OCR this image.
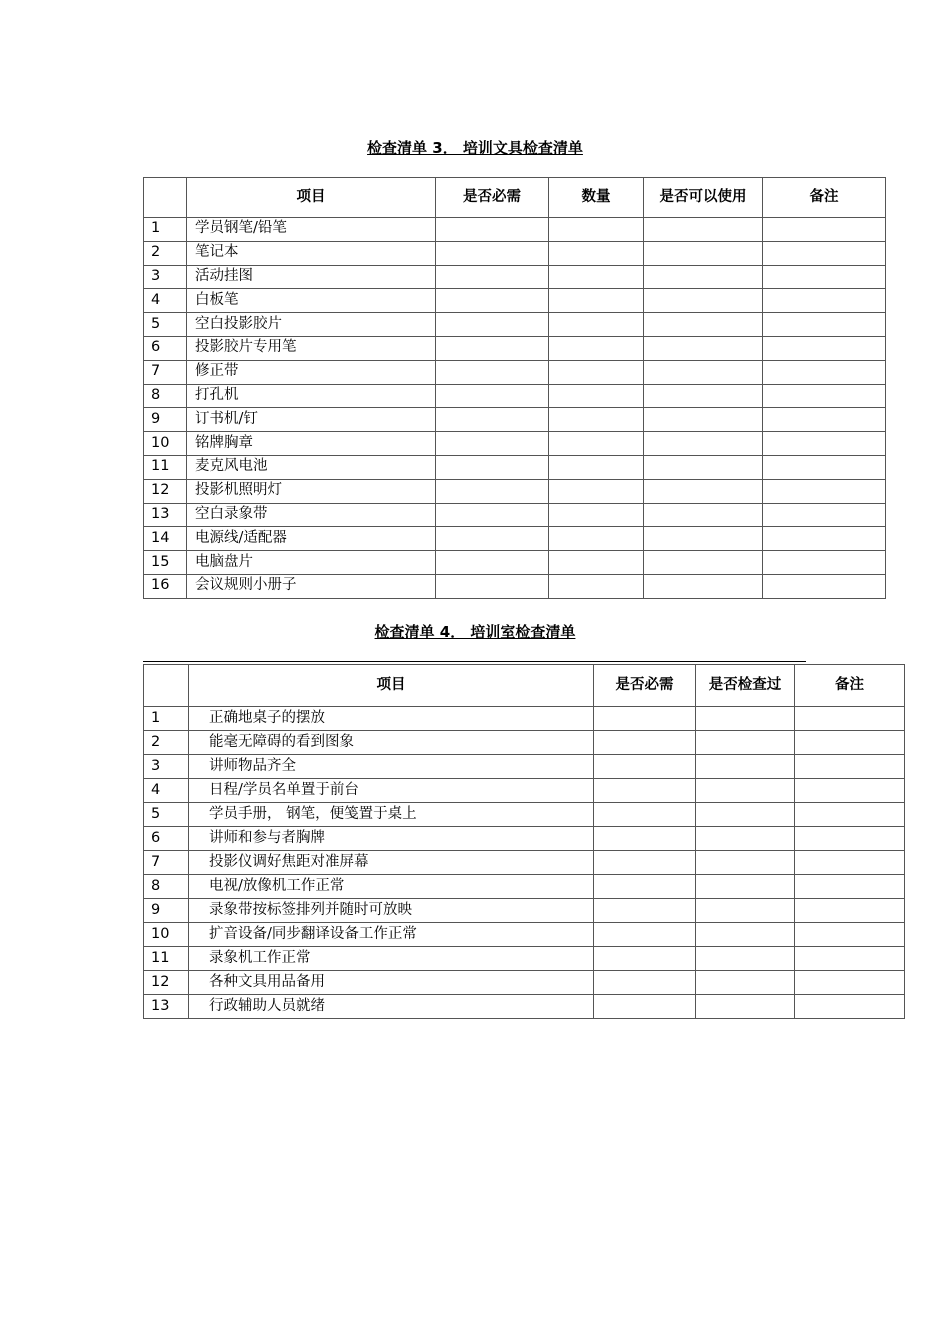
检查清单 3． 培训文具检查清单
	项目	是否必需	数量	是否可以使用	备注
1	学员钢笔/铅笔				
2	笔记本				
3	活动挂图				
4	白板笔				
5	空白投影胶片				
6	投影胶片专用笔				
7	修正带				
8	打孔机				
9	订书机/钉				
10	铭牌胸章				
11	麦克风电池				
12	投影机照明灯				
13	空白录象带				
14	电源线/适配器				
15	电脑盘片				
16	会议规则小册子				
检查清单 4． 培训室检查清单
	项目	是否必需	是否检查过	备注
1	正确地桌子的摆放			
2	能毫无障碍的看到图象			
3	讲师物品齐全			
4	日程/学员名单置于前台			
5	学员手册， 钢笔，便笺置于桌上			
6	讲师和参与者胸牌			
7	投影仪调好焦距对准屏幕			
8	电视/放像机工作正常			
9	录象带按标签排列并随时可放映			
10	扩音设备/同步翻译设备工作正常			
11	录象机工作正常			
12	各种文具用品备用			
13	行政辅助人员就绪			
